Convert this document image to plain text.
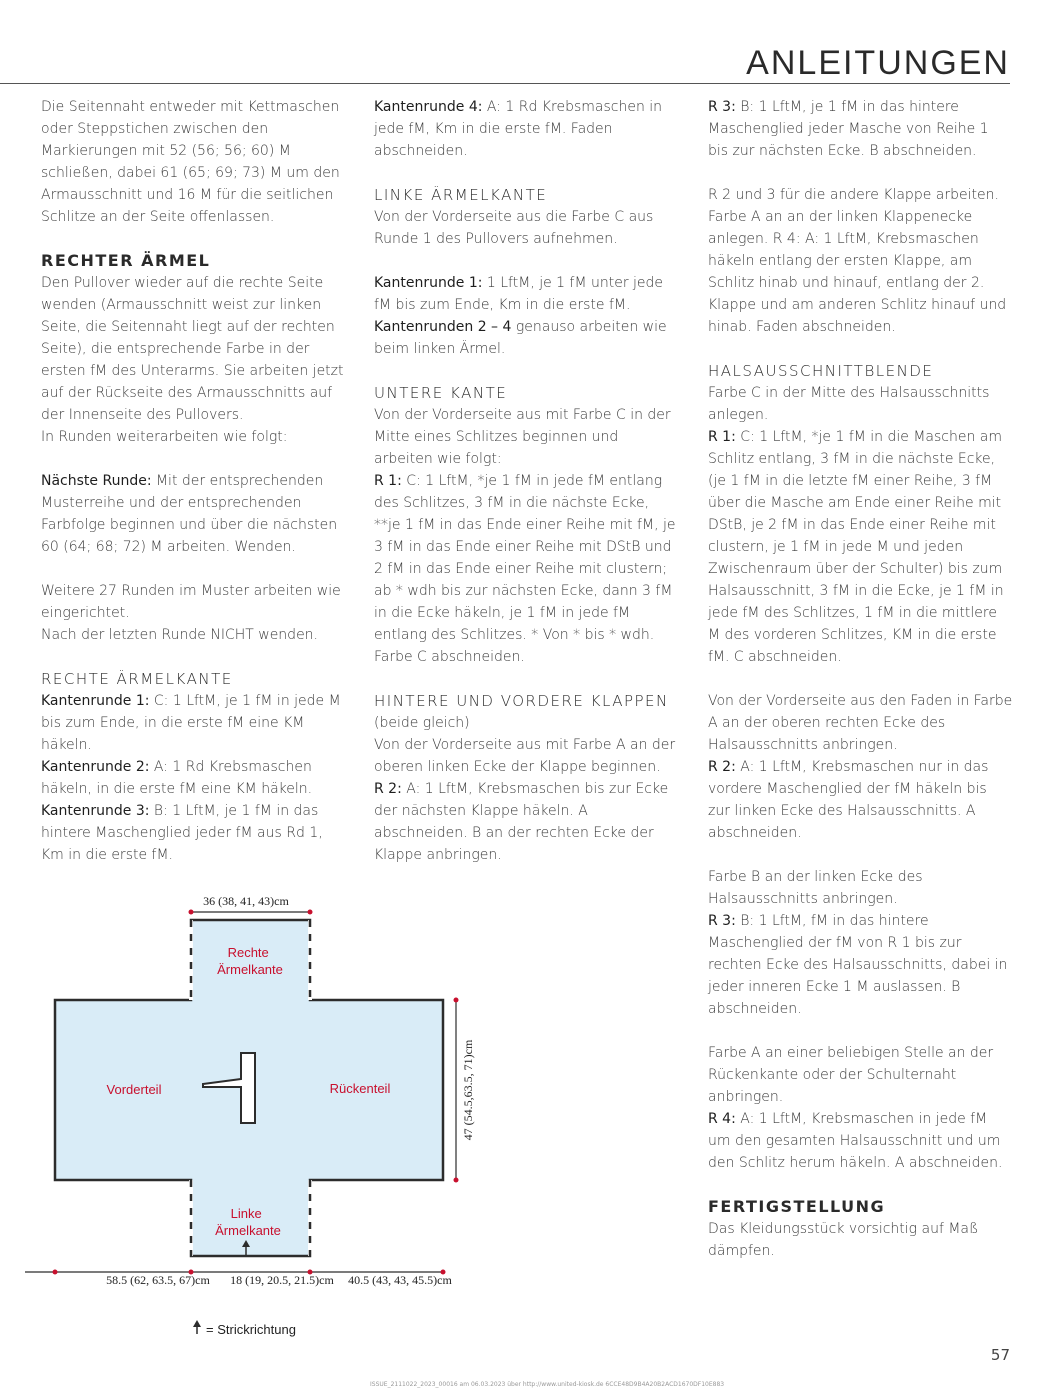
ANLEITUNGEN

Die Seitennaht entweder mit Kettmaschen oder Steppstichen zwischen den Markierungen mit 52 (56; 56; 60) M schließen, dabei 61 (65; 69; 73) M um den Armausschnitt und 16 M für die seitlichen Schlitze an der Seite offenlassen.

RECHTER ÄRMEL

Den Pullover wieder auf die rechte Seite wenden (Armausschnitt weist zur linken Seite, die Seitennaht liegt auf der rechten Seite), die entsprechende Farbe in der ersten fM des Unterarms. Sie arbeiten jetzt auf der Rückseite des Armausschnitts auf der Innenseite des Pullovers.

In Runden weiterarbeiten wie folgt:

Nächste Runde: Mit der entsprechenden Musterreihe und der entsprechenden Farbfolge beginnen und über die nächsten 60 (64; 68; 72) M arbeiten. Wenden.

Weitere 27 Runden im Muster arbeiten wie eingerichtet.

Nach der letzten Runde NICHT wenden.

RECHTE ÄRMELKANTE

Kantenrunde 1: C: 1 LftM, je 1 fM in jede M bis zum Ende, in die erste fM eine KM häkeln.

Kantenrunde 2: A: 1 Rd Krebsmaschen häkeln, in die erste fM eine KM häkeln.

Kantenrunde 3: B: 1 LftM, je 1 fM in das hintere Maschenglied jeder fM aus Rd 1, Km in die erste fM.

Kantenrunde 4: A: 1 Rd Krebsmaschen in jede fM, Km in die erste fM. Faden abschneiden.

LINKE ÄRMELKANTE

Von der Vorderseite aus die Farbe C aus Runde 1 des Pullovers aufnehmen.

Kantenrunde 1: 1 LftM, je 1 fM unter jede fM bis zum Ende, Km in die erste fM.

Kantenrunden 2 – 4 genauso arbeiten wie beim linken Ärmel.

UNTERE KANTE

Von der Vorderseite aus mit Farbe C in der Mitte eines Schlitzes beginnen und arbeiten wie folgt:

R 1: C: 1 LftM, *je 1 fM in jede fM entlang des Schlitzes, 3 fM in die nächste Ecke, **je 1 fM in das Ende einer Reihe mit fM, je 3 fM in das Ende einer Reihe mit DStB und 2 fM in das Ende einer Reihe mit clustern; ab * wdh bis zur nächsten Ecke, dann 3 fM in die Ecke häkeln, je 1 fM in jede fM entlang des Schlitzes. * Von * bis * wdh. Farbe C abschneiden.

HINTERE UND VORDERE KLAPPEN

(beide gleich)

Von der Vorderseite aus mit Farbe A an der oberen linken Ecke der Klappe beginnen.

R 2: A: 1 LftM, Krebsmaschen bis zur Ecke der nächsten Klappe häkeln. A abschneiden. B an der rechten Ecke der Klappe anbringen.

R 3: B: 1 LftM, je 1 fM in das hintere Maschenglied jeder Masche von Reihe 1 bis zur nächsten Ecke. B abschneiden.

R 2 und 3 für die andere Klappe arbeiten. Farbe A an an der linken Klappenecke anlegen. R 4: A: 1 LftM, Krebsmaschen häkeln entlang der ersten Klappe, am Schlitz hinab und hinauf, entlang der 2. Klappe und am anderen Schlitz hinauf und hinab. Faden abschneiden.

HALSAUSSCHNITTBLENDE

Farbe C in der Mitte des Halsausschnitts anlegen.

R 1: C: 1 LftM, *je 1 fM in die Maschen am Schlitz entlang, 3 fM in die nächste Ecke, (je 1 fM in die letzte fM einer Reihe, 3 fM über die Masche am Ende einer Reihe mit DStB, je 2 fM in das Ende einer Reihe mit clustern, je 1 fM in jede M und jeden Zwischenraum über der Schulter) bis zum Halsausschnitt, 3 fM in die Ecke, je 1 fM in jede fM des Schlitzes, 1 fM in die mittlere M des vorderen Schlitzes, KM in die erste fM. C abschneiden.

Von der Vorderseite aus den Faden in Farbe A an der oberen rechten Ecke des Halsausschnitts anbringen.

R 2: A: 1 LftM, Krebsmaschen nur in das vordere Maschenglied der fM häkeln bis zur linken Ecke des Halsausschnitts. A abschneiden.

Farbe B an der linken Ecke des Halsausschnitts anbringen.

R 3: B: 1 LftM, fM in das hintere Maschenglied der fM von R 1 bis zur rechten Ecke des Halsausschnitts, dabei in jeder inneren Ecke 1 M auslassen. B abschneiden.

Farbe A an einer beliebigen Stelle an der Rückenkante oder der Schulternaht anbringen.

R 4: A: 1 LftM, Krebsmaschen in jede fM um den gesamten Halsausschnitt und um den Schlitz herum häkeln. A abschneiden.

FERTIGSTELLUNG

Das Kleidungsstück vorsichtig auf Maß dämpfen.

36 (38, 41, 43)cm
Rechte Ärmelkante
Vorderteil	Rückenteil
Linke Ärmelkante
47 (54.5,63.5, 71)cm
58.5 (62, 63.5, 67)cm 18 (19, 20.5, 21.5)cm 40.5 (43, 43, 45.5)cm
= Strickrichtung
57
ISSUE_2111022_2023_00016 am 06.03.2023 über http://www.united-kiosk.de 6CCE48D9B4A20B2ACD1670DF10E883
